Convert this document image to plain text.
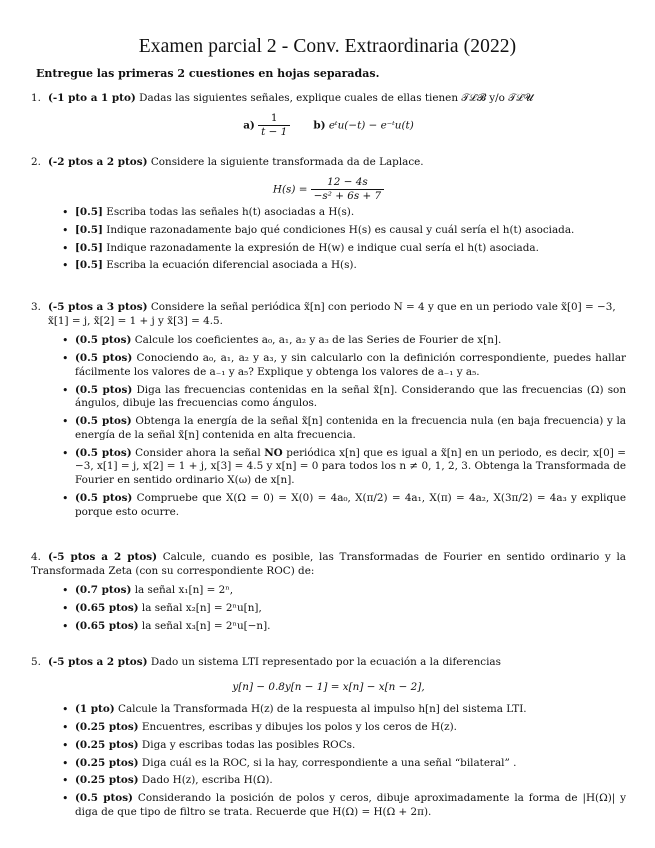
Examen parcial 2 - Conv. Extraordinaria (2022)
Entregue las primeras 2 cuestiones en hojas separadas.
1. (-1 pto a 1 pto) Dadas las siguientes señales, explique cuales de ellas tienen 𝒯ℒ𝓑 y/o 𝒯ℒ𝓤
$a) \frac{1}{t - 1} b$) eᵗu(−t) − e⁻ᵗu(t)
2. (-2 ptos a 2 ptos) Considere la siguiente transformada da de Laplace.
$H(s) = \frac{12 - 4s}{\text{−s² + 6s + 7}}$
• [0.5] Escriba todas las señales h(t) asociadas a H(s).
• [0.5] Indique razonadamente bajo qué condiciones H(s) es causal y cuál sería el h(t) asociada.
• [0.5] Indique razonadamente la expresión de H(w) e indique cual sería el h(t) asociada.
• [0.5] Escriba la ecuación diferencial asociada a H(s).
3. (-5 ptos a 3 ptos) Considere la señal periódica x̃[n] con periodo N = 4 y que en un periodo vale x̃[0] = −3,
x̃[1] = j, x̃[2] = 1 + j y x̃[3] = 4.5.
• (0.5 ptos) Calcule los coeficientes a₀, a₁, a₂ y a₃ de las Series de Fourier de x[n].
• (0.5 ptos) Conociendo a₀, a₁, a₂ y a₃, y sin calcularlo con la definición correspondiente, puedes hallar fácilmente los valores de a₋₁ y a₅? Explique y obtenga los valores de a₋₁ y a₅.
• (0.5 ptos) Diga las frecuencias contenidas en la señal x̃[n]. Considerando que las frecuencias (Ω) son ángulos, dibuje las frecuencias como ángulos.
• (0.5 ptos) Obtenga la energía de la señal x̃[n] contenida en la frecuencia nula (en baja frecuencia) y la energía de la señal x̃[n] contenida en alta frecuencia.
• (0.5 ptos) Consider ahora la señal NO periódica x[n] que es igual a x̃[n] en un periodo, es decir, x[0] = −3, x[1] = j, x[2] = 1 + j, x[3] = 4.5 y x[n] = 0 para todos los n ≠ 0, 1, 2, 3. Obtenga la Transformada de Fourier en sentido ordinario X(ω) de x[n].
• (0.5 ptos) Compruebe que X(Ω = 0) = X(0) = 4a₀, X(π/2) = 4a₁, X(π) = 4a₂, X(3π/2) = 4a₃ y explique porque esto ocurre.
4. (-5 ptos a 2 ptos) Calcule, cuando es posible, las Transformadas de Fourier en sentido ordinario y la Transformada Zeta (con su correspondiente ROC) de:
• (0.7 ptos) la señal x₁[n] = 2ⁿ,
• (0.65 ptos) la señal x₂[n] = 2ⁿu[n],
• (0.65 ptos) la señal x₃[n] = 2ⁿu[−n].
5. (-5 ptos a 2 ptos) Dado un sistema LTI representado por la ecuación a la diferencias
y[n] − 0.8y[n − 1] = x[n] − x[n − 2],
• (1 pto) Calcule la Transformada H(z) de la respuesta al impulso h[n] del sistema LTI.
• (0.25 ptos) Encuentres, escribas y dibujes los polos y los ceros de H(z).
• (0.25 ptos) Diga y escribas todas las posibles ROCs.
• (0.25 ptos) Diga cuál es la ROC, si la hay, correspondiente a una señal “bilateral” .
• (0.25 ptos) Dado H(z), escriba H(Ω).
• (0.5 ptos) Considerando la posición de polos y ceros, dibuje aproximadamente la forma de |H(Ω)| y diga de que tipo de filtro se trata. Recuerde que H(Ω) = H(Ω + 2π).
